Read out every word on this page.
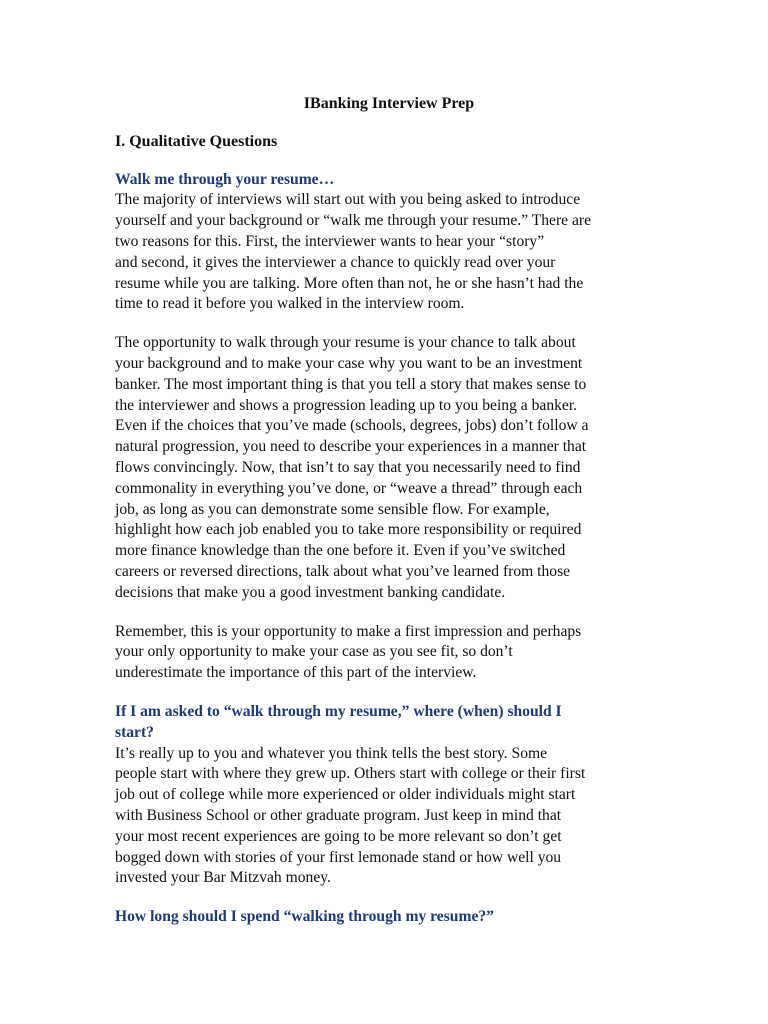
IBanking Interview Prep
I. Qualitative Questions
Walk me through your resume…
The majority of interviews will start out with you being asked to introduce
yourself and your background or “walk me through your resume.” There are
two reasons for this. First, the interviewer wants to hear your “story”
and second, it gives the interviewer a chance to quickly read over your
resume while you are talking. More often than not, he or she hasn’t had the
time to read it before you walked in the interview room.
The opportunity to walk through your resume is your chance to talk about
your background and to make your case why you want to be an investment
banker. The most important thing is that you tell a story that makes sense to
the interviewer and shows a progression leading up to you being a banker.
Even if the choices that you’ve made (schools, degrees, jobs) don’t follow a
natural progression, you need to describe your experiences in a manner that
flows convincingly. Now, that isn’t to say that you necessarily need to find
commonality in everything you’ve done, or “weave a thread” through each
job, as long as you can demonstrate some sensible flow. For example,
highlight how each job enabled you to take more responsibility or required
more finance knowledge than the one before it. Even if you’ve switched
careers or reversed directions, talk about what you’ve learned from those
decisions that make you a good investment banking candidate.
Remember, this is your opportunity to make a first impression and perhaps
your only opportunity to make your case as you see fit, so don’t
underestimate the importance of this part of the interview.
If I am asked to “walk through my resume,” where (when) should I
start?
It’s really up to you and whatever you think tells the best story. Some
people start with where they grew up. Others start with college or their first
job out of college while more experienced or older individuals might start
with Business School or other graduate program. Just keep in mind that
your most recent experiences are going to be more relevant so don’t get
bogged down with stories of your first lemonade stand or how well you
invested your Bar Mitzvah money.
How long should I spend “walking through my resume?”
